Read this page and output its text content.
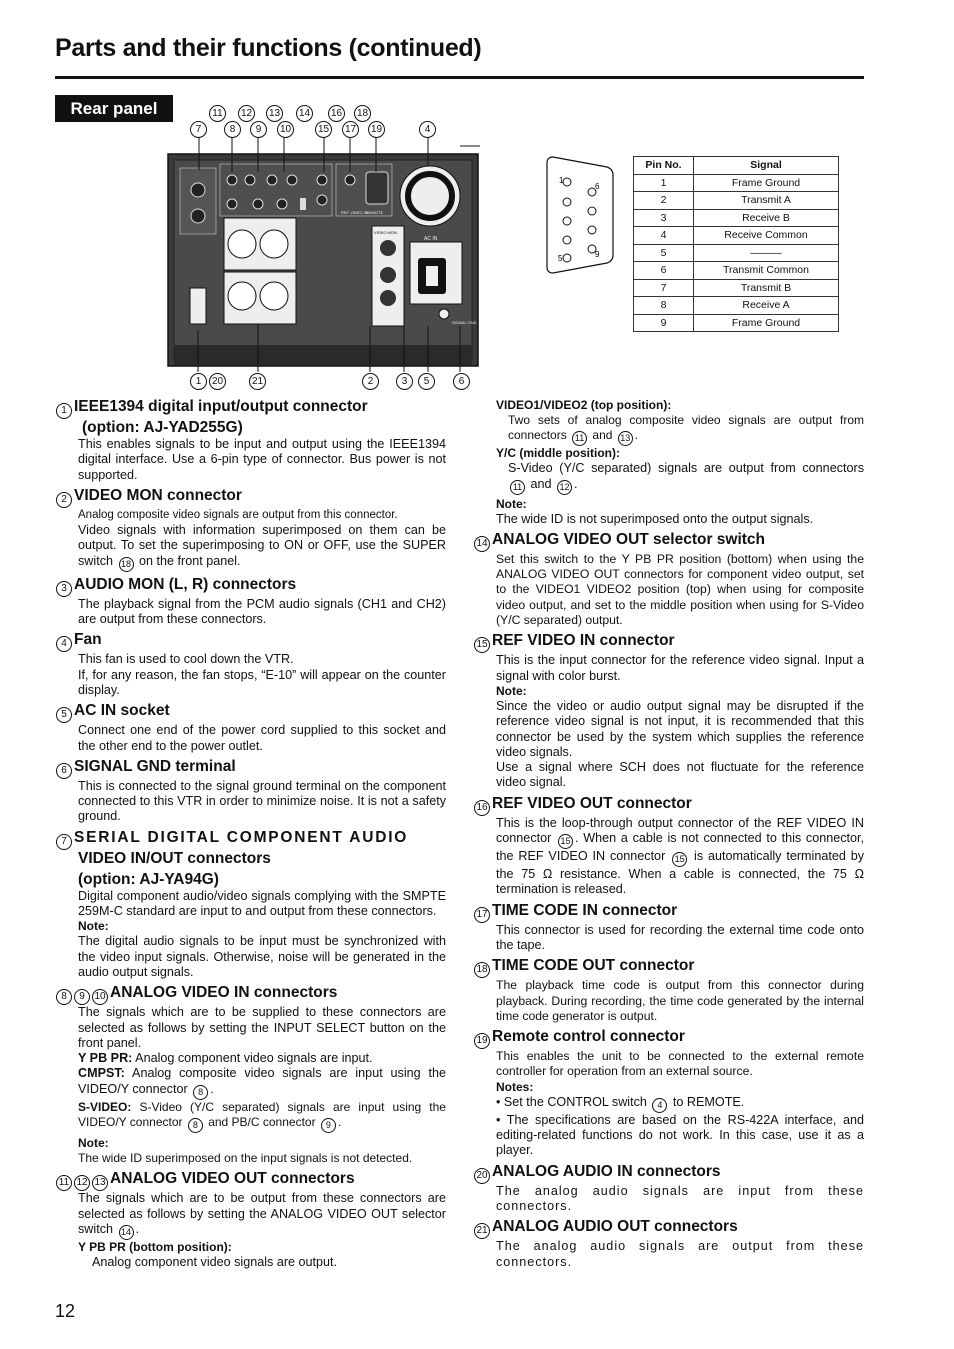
Parts and their functions (continued)
Rear panel
REF VIDEO IN
REMOTE
VIDEO MON
AC IN
SIGNAL GND
11	12 13 14 16 18
7	8	9	10	15 17 19	4
1	20	21	2	3	5	6
1
5
6
9
Pin No.	Signal
1	Frame Ground
2	Transmit A
3	Receive B
4	Receive Common
5	———
6	Transmit Common
7	Transmit B
8	Receive A
9	Frame Ground
1 IEEE1394 digital input/output connector
(option: AJ-YAD255G)
This enables signals to be input and output using the IEEE1394 digital interface. Use a 6-pin type of connector. Bus power is not supported.
2 VIDEO MON connector
Analog composite video signals are output from this connector.
Video signals with information superimposed on them can be output. To set the superimposing to ON or OFF, use the SUPER switch 18 on the front panel.
3 AUDIO MON (L, R) connectors
The playback signal from the PCM audio signals (CH1 and CH2) are output from these connectors.
4 Fan
This fan is used to cool down the VTR.
If, for any reason, the fan stops, “E-10” will appear on the counter display.
5 AC IN socket
Connect one end of the power cord supplied to this socket and the other end to the power outlet.
6 SIGNAL GND terminal
This is connected to the signal ground terminal on the component connected to this VTR in order to minimize noise. It is not a safety ground.
7 SERIAL DIGITAL COMPONENT AUDIO
VIDEO IN/OUT connectors
(option: AJ-YA94G)
Digital component audio/video signals complying with the SMPTE 259M-C standard are input to and output from these connectors.
Note:
The digital audio signals to be input must be synchronized with the video input signals. Otherwise, noise will be generated in the audio output signals.
8 9 10 ANALOG VIDEO IN connectors
The signals which are to be supplied to these connectors are selected as follows by setting the INPUT SELECT button on the front panel.
Y PB PR: Analog component video signals are input.
CMPST: Analog composite video signals are input using the VIDEO/Y connector 8 .
S-VIDEO: S-Video (Y/C separated) signals are input using the VIDEO/Y connector 8 and PB/C connector 9 .
Note:
The wide ID superimposed on the input signals is not detected.
11 12 13 ANALOG VIDEO OUT connectors
The signals which are to be output from these connectors are selected as follows by setting the ANALOG VIDEO OUT selector switch 14 .
Y PB PR (bottom position):
Analog component video signals are output.
VIDEO1/VIDEO2 (top position):
Two sets of analog composite video signals are output from connectors 11 and 13 .
Y/C (middle position):
S-Video (Y/C separated) signals are output from connectors 11 and 12 .
Note:
The wide ID is not superimposed onto the output signals.
14 ANALOG VIDEO OUT selector switch
Set this switch to the Y PB PR position (bottom) when using the ANALOG VIDEO OUT connectors for component video output, set to the VIDEO1 VIDEO2 position (top) when using for composite video output, and set to the middle position when using for S-Video (Y/C separated) output.
15 REF VIDEO IN connector
This is the input connector for the reference video signal. Input a signal with color burst.
Note:
Since the video or audio output signal may be disrupted if the reference video signal is not input, it is recommended that this connector be used by the system which supplies the reference video signals.
Use a signal where SCH does not fluctuate for the reference video signal.
16 REF VIDEO OUT connector
This is the loop-through output connector of the REF VIDEO IN connector 15 . When a cable is not connected to this connector, the REF VIDEO IN connector 15 is automatically terminated by the 75 Ω resistance. When a cable is connected, the 75 Ω termination is released.
17 TIME CODE IN connector
This connector is used for recording the external time code onto the tape.
18 TIME CODE OUT connector
The playback time code is output from this connector during playback. During recording, the time code generated by the internal time code generator is output.
19 Remote control connector
This enables the unit to be connected to the external remote controller for operation from an external source.
Notes:
• Set the CONTROL switch 4 to REMOTE.
• The specifications are based on the RS-422A interface, and editing-related functions do not work. In this case, use it as a player.
20 ANALOG AUDIO IN connectors
The analog audio signals are input from these connectors.
21 ANALOG AUDIO OUT connectors
The analog audio signals are output from these connectors.
12
